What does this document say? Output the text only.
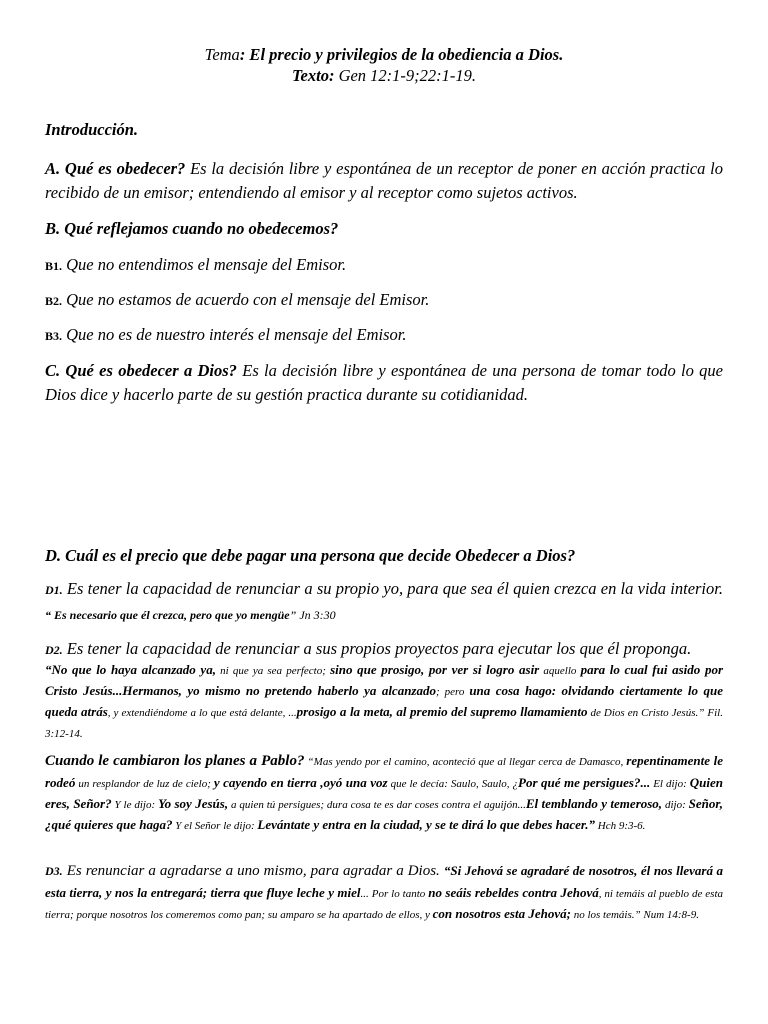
Tema: El precio y privilegios de la obediencia a Dios.
Texto: Gen 12:1-9;22:1-19.

Introducción.

A. Qué es obedecer? Es la decisión libre y espontánea de un receptor de poner en acción practica lo recibido de un emisor; entendiendo al emisor y al receptor como sujetos activos.

B. Qué reflejamos cuando no obedecemos?

B1. Que no entendimos el mensaje del Emisor.

B2. Que no estamos de acuerdo con el mensaje del Emisor.

B3. Que no es de nuestro interés el mensaje del Emisor.

C. Qué es obedecer a Dios? Es la decisión libre y espontánea de una persona de tomar todo lo que Dios dice y hacerlo parte de su gestión practica durante su cotidianidad.

D. Cuál es el precio que debe pagar una persona que decide Obedecer a Dios?

D1. Es tener la capacidad de renunciar a su propio yo, para que sea él quien crezca en la vida interior. “ Es necesario que él crezca, pero que yo mengüe” Jn 3:30

D2. Es tener la capacidad de renunciar a sus propios proyectos para ejecutar los que él proponga.

“No que lo haya alcanzado ya, ni que ya sea perfecto; sino que prosigo, por ver si logro asir aquello para lo cual fui asido por Cristo Jesús...Hermanos, yo mismo no pretendo haberlo ya alcanzado; pero una cosa hago: olvidando ciertamente lo que queda atrás, y extendiéndome a lo que está delante, ...prosigo a la meta, al premio del supremo llamamiento de Dios en Cristo Jesús.” Fil. 3:12-14.

Cuando le cambiaron los planes a Pablo? “Mas yendo por el camino, aconteció que al llegar cerca de Damasco, repentinamente le rodeó un resplandor de luz de cielo; y cayendo en tierra ,oyó una voz que le decía: Saulo, Saulo, ¿Por qué me persigues?... El dijo: Quien eres, Señor? Y le dijo: Yo soy Jesús, a quien tú persigues; dura cosa te es dar coses contra el aguijón...El temblando y temeroso, dijo: Señor, ¿qué quieres que haga? Y el Señor le dijo: Levántate y entra en la ciudad, y se te dirá lo que debes hacer.” Hch 9:3-6.

D3. Es renunciar a agradarse a uno mismo, para agradar a Dios. “Si Jehová se agradaré de nosotros, él nos llevará a esta tierra, y nos la entregará; tierra que fluye leche y miel... Por lo tanto no seáis rebeldes contra Jehová, ni temáis al pueblo de esta tierra; porque nosotros los comeremos como pan; su amparo se ha apartado de ellos, y con nosotros esta Jehová; no los temáis.” Num 14:8-9.
